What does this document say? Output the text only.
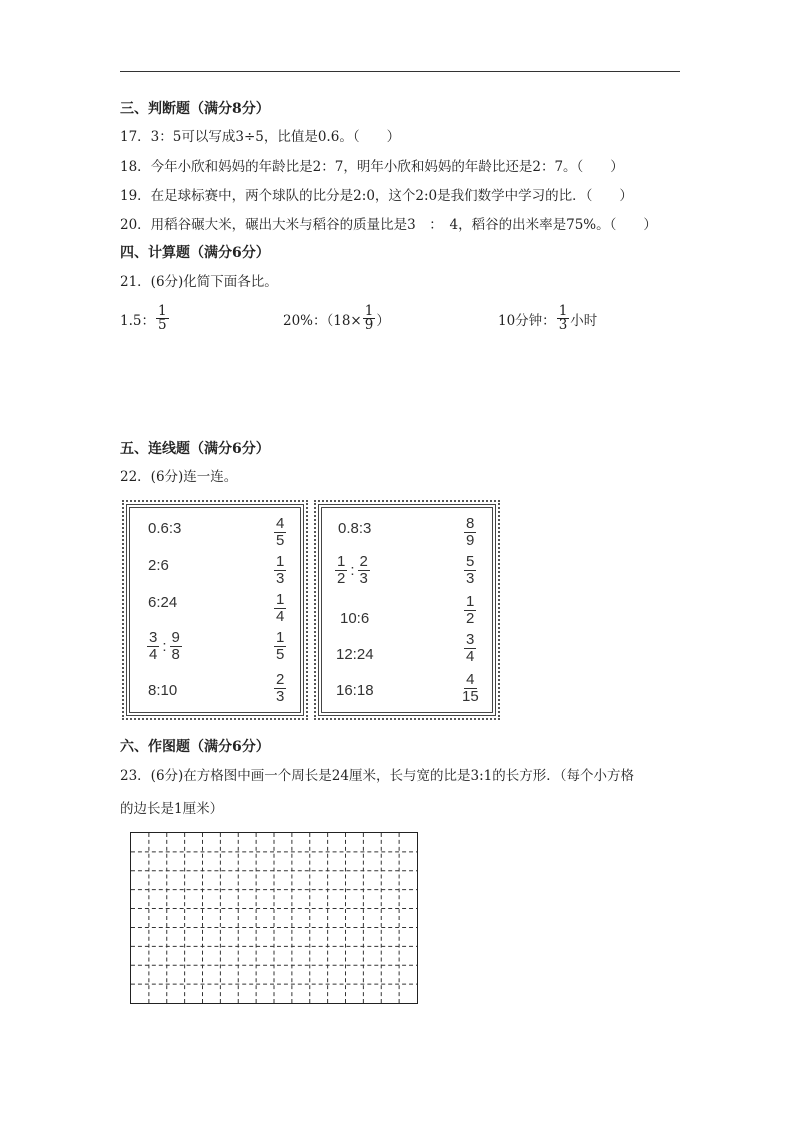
三、判断题（满分8分）
17．3：5可以写成3÷5，比值是0.6。（　　）
18．今年小欣和妈妈的年龄比是2：7，明年小欣和妈妈的年龄比还是2：7。（　　）
19．在足球标赛中，两个球队的比分是2:0，这个2:0是我们数学中学习的比．（　　）
20．用稻谷碾大米，碾出大米与稻谷的质量比是3　：　4，稻谷的出米率是75%。（　　）
四、计算题（满分6分）
21．(6分)化简下面各比。
1.5： $\frac{1}{5}$	20%：（$18\times \frac{1}{9}$ ）	10分钟： $\frac{1}{3}$ 小时
五、连线题（满分6分）
22．(6分)连一连。
0.6:3
2:6
6:24
$\frac{3}{4}$ : $\frac{9}{8}$
8:10
$\frac{4}{5}$
$\frac{1}{3}$
$\frac{1}{4}$
$\frac{1}{5}$
$\frac{2}{3}$
0.8:3
$\frac{1}{2}$ : $\frac{2}{3}$
10:6
12:24
16:18
$\frac{8}{9}$
$\frac{5}{3}$
$\frac{1}{2}$
$\frac{3}{4}$
$\frac{4}{15}$
六、作图题（满分6分）
23．(6分)在方格图中画一个周长是24厘米，长与宽的比是3:1的长方形．（每个小方格
的边长是1厘米）
